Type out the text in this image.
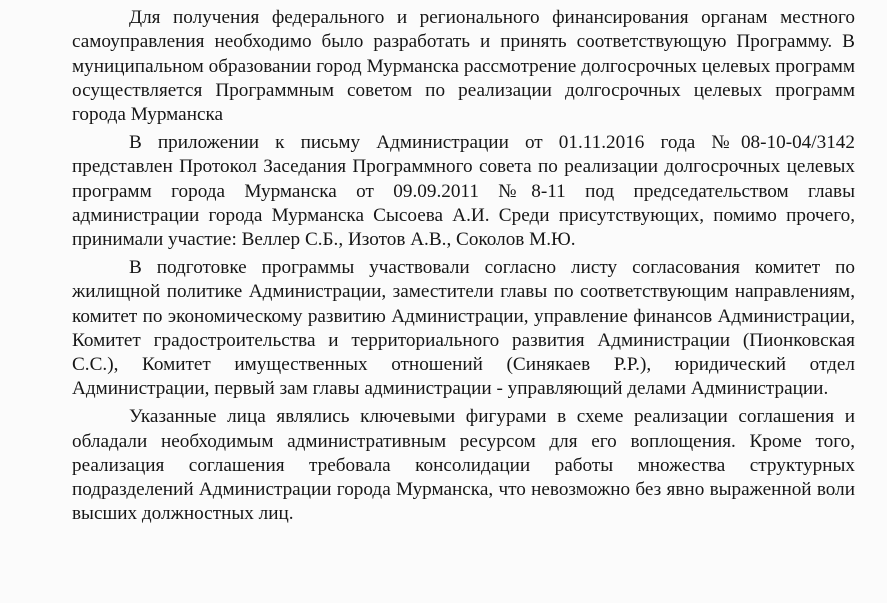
Для получения федерального и регионального финансирования органам местного самоуправления необходимо было разработать и принять соответствующую Программу. В муниципальном образовании город Мурманска рассмотрение долгосрочных целевых программ осуществляется Программным советом по реализации долгосрочных целевых программ города Мурманска

В приложении к письму Администрации от 01.11.2016 года №08-10-04/3142 представлен Протокол Заседания Программного совета по реализации долгосрочных целевых программ города Мурманска от 09.09.2011 №8-11 под председательством главы администрации города Мурманска Сысоева А.И. Среди присутствующих, помимо прочего, принимали участие: Веллер С.Б., Изотов А.В., Соколов М.Ю.

В подготовке программы участвовали согласно листу согласования комитет по жилищной политике Администрации, заместители главы по соответствующим направлениям, комитет по экономическому развитию Администрации, управление финансов Администрации, Комитет градостроительства и территориального развития Администрации (Пионковская С.С.), Комитет имущественных отношений (Синякаев Р.Р.), юридический отдел Администрации, первый зам главы администрации - управляющий делами Администрации.

Указанные лица являлись ключевыми фигурами в схеме реализации соглашения и обладали необходимым административным ресурсом для его воплощения. Кроме того, реализация соглашения требовала консолидации работы множества структурных подразделений Администрации города Мурманска, что невозможно без явно выраженной воли высших должностных лиц.
